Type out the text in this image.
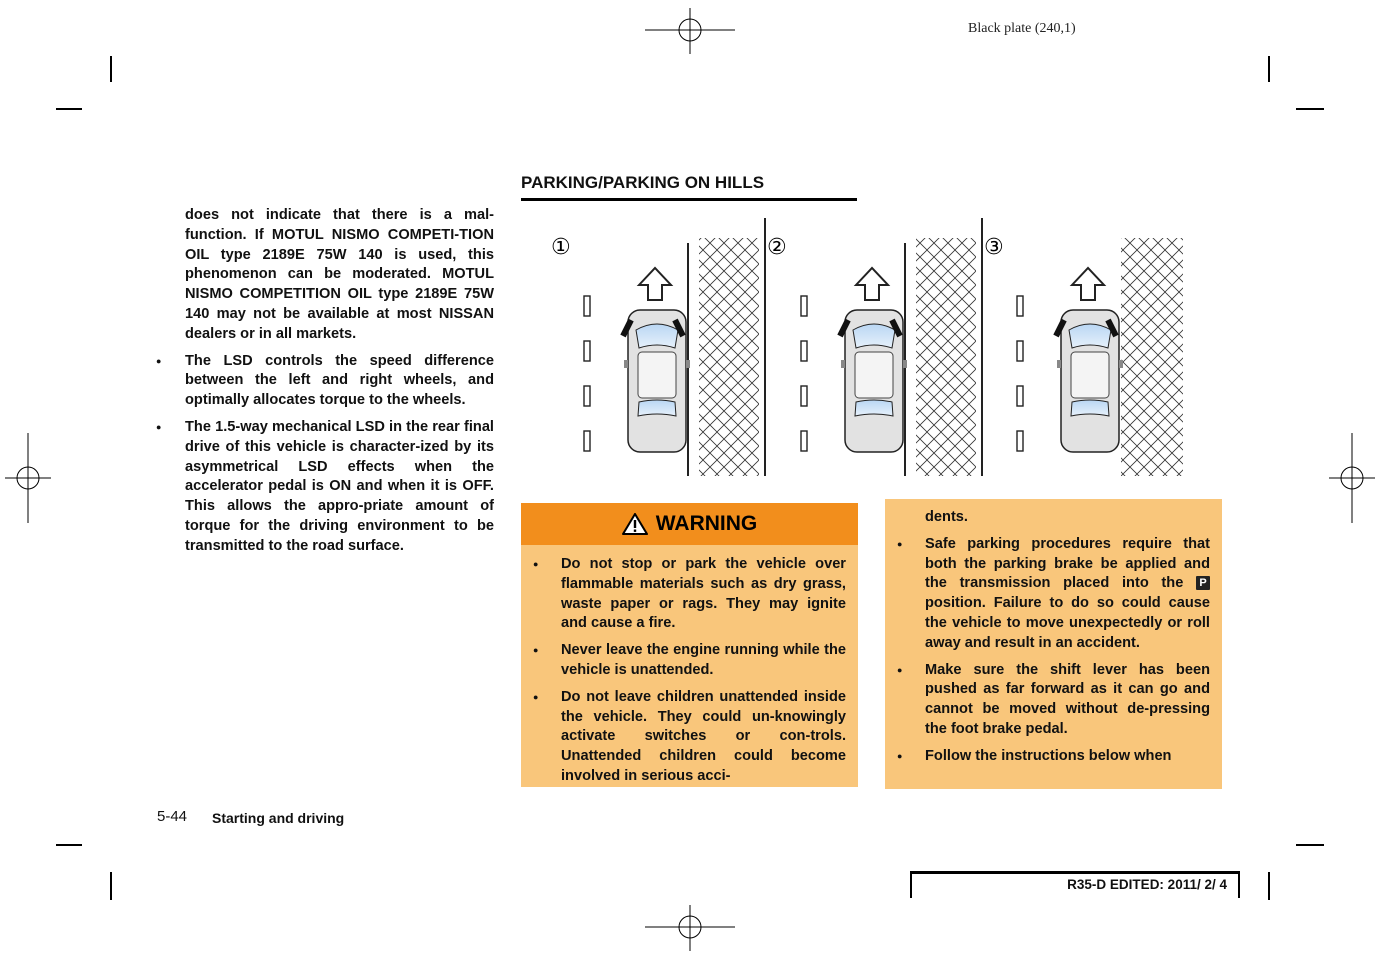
Black plate (240,1)

does not indicate that there is a mal-function. If MOTUL NISMO COMPETI-TION OIL type 2189E 75W 140 is used, this phenomenon can be moderated. MOTUL NISMO COMPETITION OIL type 2189E 75W 140 may not be available at most NISSAN dealers or in all markets.

● The LSD controls the speed difference between the left and right wheels, and optimally allocates torque to the wheels.
● The 1.5-way mechanical LSD in the rear final drive of this vehicle is character-ized by its asymmetrical LSD effects when the accelerator pedal is ON and when it is OFF. This allows the appro-priate amount of torque for the driving environment to be transmitted to the road surface.
PARKING/PARKING ON HILLS
①	②	③
WARNING
● Do not stop or park the vehicle over flammable materials such as dry grass, waste paper or rags. They may ignite and cause a fire.
● Never leave the engine running while the vehicle is unattended.
● Do not leave children unattended inside the vehicle. They could un-knowingly activate switches or con-trols. Unattended children could become involved in serious acci-
dents.
● Safe parking procedures require that both the parking brake be applied and the transmission placed into the P position. Failure to do so could cause the vehicle to move unexpectedly or roll away and result in an accident.
● Make sure the shift lever has been pushed as far forward as it can go and cannot be moved without de-pressing the foot brake pedal.
● Follow the instructions below when
5-44 Starting and driving
R35-D EDITED: 2011/ 2/ 4
